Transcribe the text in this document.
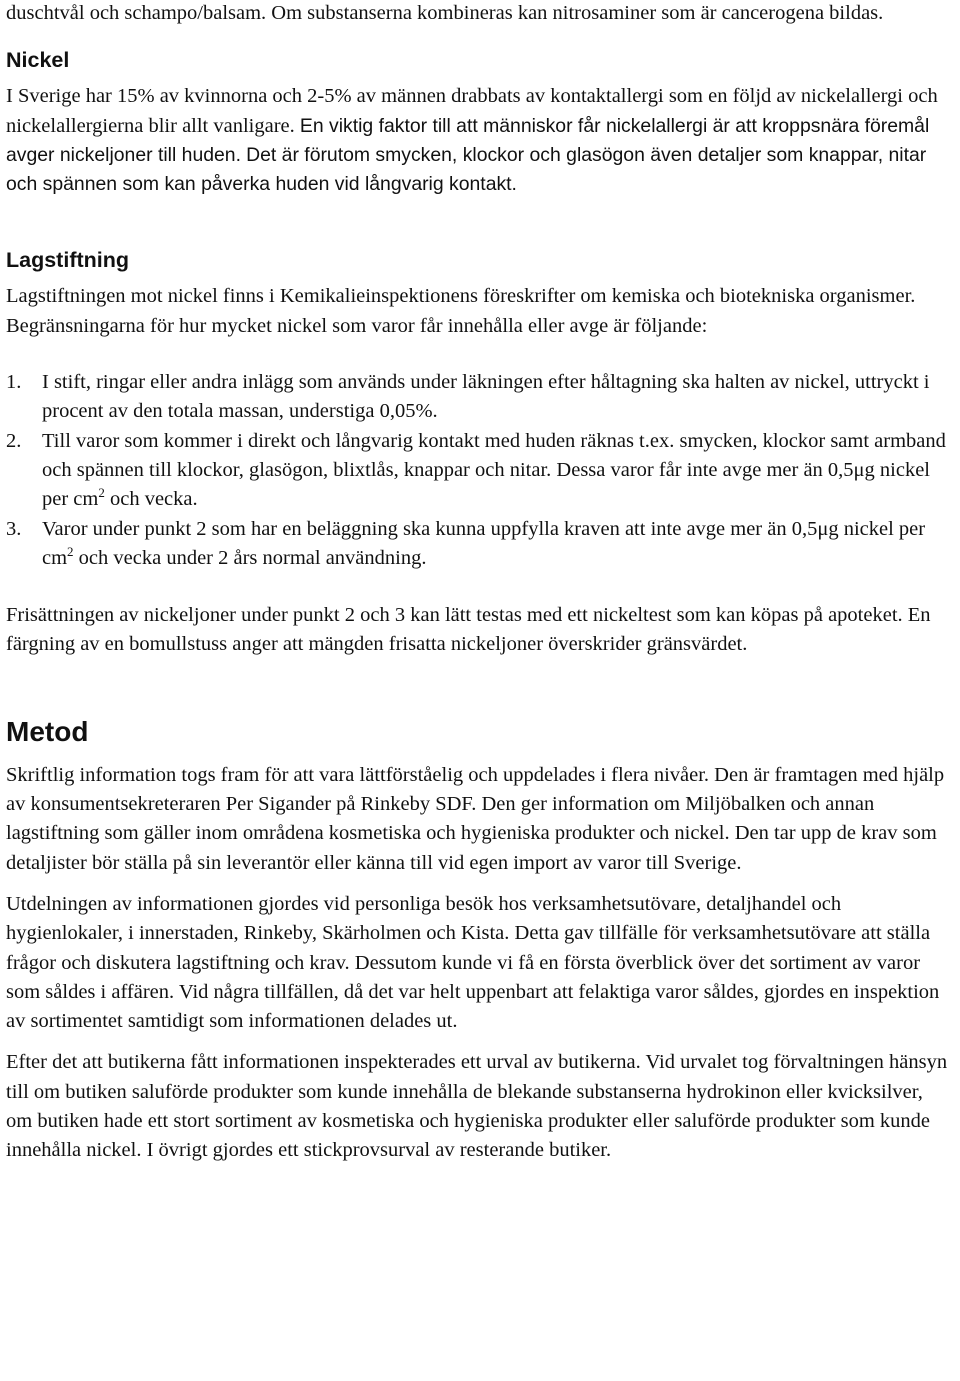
duschtvål och schampo/balsam. Om substanserna kombineras kan nitrosaminer som är cancerogena bildas.

Nickel

I Sverige har 15% av kvinnorna och 2-5% av männen drabbats av kontaktallergi som en följd av nickelallergi och nickelallergierna blir allt vanligare. En viktig faktor till att människor får nickelallergi är att kroppsnära föremål avger nickeljoner till huden. Det är förutom smycken, klockor och glasögon även detaljer som knappar, nitar och spännen som kan påverka huden vid långvarig kontakt.

Lagstiftning

Lagstiftningen mot nickel finns i Kemikalieinspektionens föreskrifter om kemiska och biotekniska organismer.

Begränsningarna för hur mycket nickel som varor får innehålla eller avge är följande:

1. I stift, ringar eller andra inlägg som används under läkningen efter håltagning ska halten av nickel, uttryckt i procent av den totala massan, understiga 0,05%.
2. Till varor som kommer i direkt och långvarig kontakt med huden räknas t.ex. smycken, klockor samt armband och spännen till klockor, glasögon, blixtlås, knappar och nitar. Dessa varor får inte avge mer än 0,5μg nickel per $cm^2$ och vecka.
3. Varor under punkt 2 som har en beläggning ska kunna uppfylla kraven att inte avge mer än 0,5μg nickel per $cm^2$ och vecka under 2 års normal användning.

Frisättningen av nickeljoner under punkt 2 och 3 kan lätt testas med ett nickeltest som kan köpas på apoteket. En färgning av en bomullstuss anger att mängden frisatta nickeljoner överskrider gränsvärdet.

Metod

Skriftlig information togs fram för att vara lättförståelig och uppdelades i flera nivåer. Den är framtagen med hjälp av konsumentsekreteraren Per Sigander på Rinkeby SDF. Den ger information om Miljöbalken och annan lagstiftning som gäller inom områdena kosmetiska och hygieniska produkter och nickel. Den tar upp de krav som detaljister bör ställa på sin leverantör eller känna till vid egen import av varor till Sverige.

Utdelningen av informationen gjordes vid personliga besök hos verksamhetsutövare, detaljhandel och hygienlokaler, i innerstaden, Rinkeby, Skärholmen och Kista. Detta gav tillfälle för verksamhetsutövare att ställa frågor och diskutera lagstiftning och krav. Dessutom kunde vi få en första överblick över det sortiment av varor som såldes i affären. Vid några tillfällen, då det var helt uppenbart att felaktiga varor såldes, gjordes en inspektion av sortimentet samtidigt som informationen delades ut.

Efter det att butikerna fått informationen inspekterades ett urval av butikerna. Vid urvalet tog förvaltningen hänsyn till om butiken saluförde produkter som kunde innehålla de blekande substanserna hydrokinon eller kvicksilver, om butiken hade ett stort sortiment av kosmetiska och hygieniska produkter eller saluförde produkter som kunde innehålla nickel. I övrigt gjordes ett stickprovsurval av resterande butiker.
